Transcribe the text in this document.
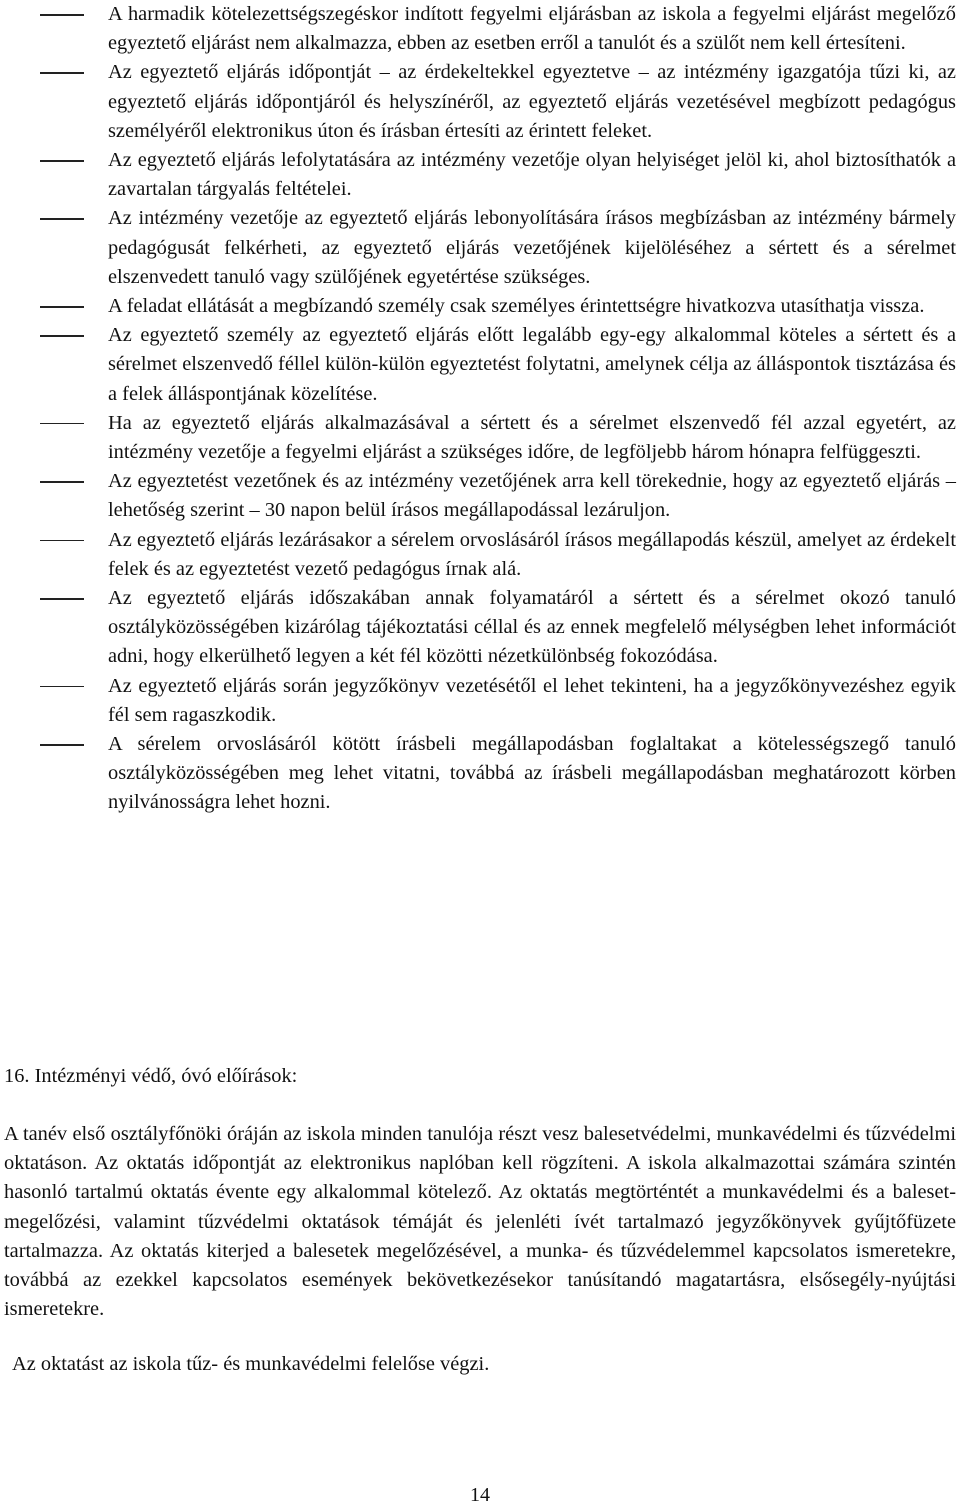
A harmadik kötelezettségszegéskor indított fegyelmi eljárásban az iskola a fegyelmi eljárást megelőző egyeztető eljárást nem alkalmazza, ebben az esetben erről a tanulót és a szülőt nem kell értesíteni.
Az egyeztető eljárás időpontját – az érdekeltekkel egyeztetve – az intézmény igazgatója tűzi ki, az egyeztető eljárás időpontjáról és helyszínéről, az egyeztető eljárás vezetésével megbízott pedagógus személyéről elektronikus úton és írásban értesíti az érintett feleket.
Az egyeztető eljárás lefolytatására az intézmény vezetője olyan helyiséget jelöl ki, ahol biztosíthatók a zavartalan tárgyalás feltételei.
Az intézmény vezetője az egyeztető eljárás lebonyolítására írásos megbízásban az intézmény bármely pedagógusát felkérheti, az egyeztető eljárás vezetőjének kijelöléséhez a sértett és a sérelmet elszenvedett tanuló vagy szülőjének egyetértése szükséges.
A feladat ellátását a megbízandó személy csak személyes érintettségre hivatkozva utasíthatja vissza.
Az egyeztető személy az egyeztető eljárás előtt legalább egy-egy alkalommal köteles a sértett és a sérelmet elszenvedő féllel külön-külön egyeztetést folytatni, amelynek célja az álláspontok tisztázása és a felek álláspontjának közelítése.
Ha az egyeztető eljárás alkalmazásával a sértett és a sérelmet elszenvedő fél azzal egyetért, az intézmény vezetője a fegyelmi eljárást a szükséges időre, de legföljebb három hónapra felfüggeszti.
Az egyeztetést vezetőnek és az intézmény vezetőjének arra kell törekednie, hogy az egyeztető eljárás – lehetőség szerint – 30 napon belül írásos megállapodással lezáruljon.
Az egyeztető eljárás lezárásakor a sérelem orvoslásáról írásos megállapodás készül, amelyet az érdekelt felek és az egyeztetést vezető pedagógus írnak alá.
Az egyeztető eljárás időszakában annak folyamatáról a sértett és a sérelmet okozó tanuló osztályközösségében kizárólag tájékoztatási céllal és az ennek megfelelő mélységben lehet információt adni, hogy elkerülhető legyen a két fél közötti nézetkülönbség fokozódása.
Az egyeztető eljárás során jegyzőkönyv vezetésétől el lehet tekinteni, ha a jegyzőkönyvezéshez egyik fél sem ragaszkodik.
A sérelem orvoslásáról kötött írásbeli megállapodásban foglaltakat a kötelességszegő tanuló osztályközösségében meg lehet vitatni, továbbá az írásbeli megállapodásban meghatározott körben nyilvánosságra lehet hozni.
16. Intézményi védő, óvó előírások:

A tanév első osztályfőnöki óráján az iskola minden tanulója részt vesz balesetvédelmi, munkavédelmi és tűzvédelmi oktatáson. Az oktatás időpontját az elektronikus naplóban kell rögzíteni. A iskola alkalmazottai számára szintén hasonló tartalmú oktatás évente egy alkalommal kötelező. Az oktatás megtörténtét a munkavédelmi és a baleset-megelőzési, valamint tűzvédelmi oktatások témáját és jelenléti ívét tartalmazó jegyzőkönyvek gyűjtőfüzete tartalmazza. Az oktatás kiterjed a balesetek megelőzésével, a munka- és tűzvédelemmel kapcsolatos ismeretekre, továbbá az ezekkel kapcsolatos események bekövetkezésekor tanúsítandó magatartásra, elsősegély-nyújtási ismeretekre.

Az oktatást az iskola tűz- és munkavédelmi felelőse végzi.

14
